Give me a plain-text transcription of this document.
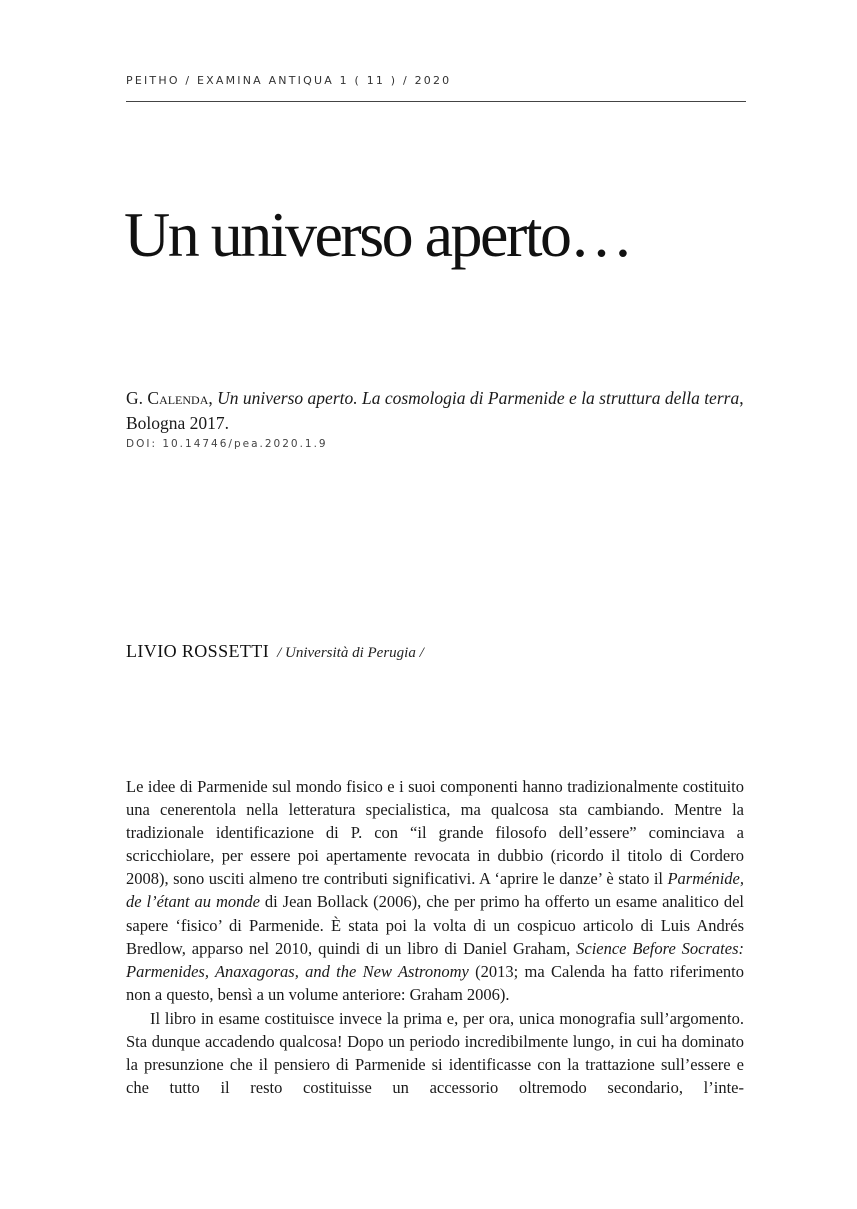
PEITHO / EXAMINA ANTIQUA 1 ( 11 ) / 2020
Un universo aperto…
G. Calenda, Un universo aperto. La cosmologia di Parmenide e la struttura della terra, Bologna 2017.
DOI: 10.14746/pea.2020.1.9
LIVIO ROSSETTI / Università di Perugia /

Le idee di Parmenide sul mondo fisico e i suoi componenti hanno tradizionalmente costituito una cenerentola nella letteratura specialistica, ma qualcosa sta cambiando. Mentre la tradizionale identificazione di P. con “il grande filosofo dell’essere” cominciava a scricchiolare, per essere poi apertamente revocata in dubbio (ricordo il titolo di Cordero 2008), sono usciti almeno tre contributi significativi. A ‘aprire le danze’ è stato il Parménide, de l’étant au monde di Jean Bollack (2006), che per primo ha offerto un esame analitico del sapere ‘fisico’ di Parmenide. È stata poi la volta di un cospicuo articolo di Luis Andrés Bredlow, apparso nel 2010, quindi di un libro di Daniel Graham, Science Before Socrates: Parmenides, Anaxagoras, and the New Astronomy (2013; ma Calenda ha fatto riferimento non a questo, bensì a un volume anteriore: Graham 2006).

Il libro in esame costituisce invece la prima e, per ora, unica monografia sull’argomento. Sta dunque accadendo qualcosa! Dopo un periodo incredibilmente lungo, in cui ha dominato la presunzione che il pensiero di Parmenide si identificasse con la trattazione sull’essere e che tutto il resto costituisse un accessorio oltremodo secondario, l’inte-
